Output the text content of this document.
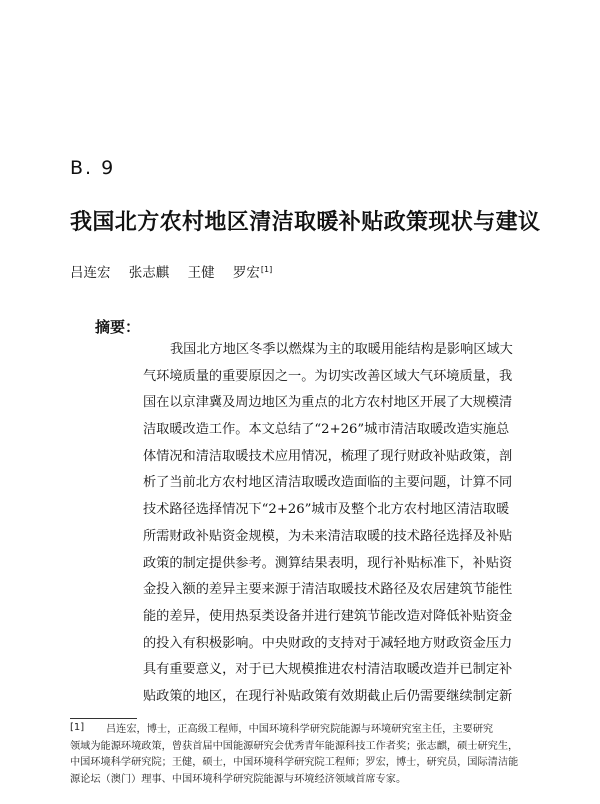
B. 9
我国北方农村地区清洁取暖补贴政策现状与建议
吕连宏 张志麒 王健 罗宏[1]
摘要：
我国北方地区冬季以燃煤为主的取暖用能结构是影响区域大
气环境质量的重要原因之一。为切实改善区域大气环境质量，我
国在以京津冀及周边地区为重点的北方农村地区开展了大规模清
洁取暖改造工作。本文总结了“2+26”城市清洁取暖改造实施总
体情况和清洁取暖技术应用情况，梳理了现行财政补贴政策，剖
析了当前北方农村地区清洁取暖改造面临的主要问题，计算不同
技术路径选择情况下“2+26”城市及整个北方农村地区清洁取暖
所需财政补贴资金规模，为未来清洁取暖的技术路径选择及补贴
政策的制定提供参考。测算结果表明，现行补贴标准下，补贴资
金投入额的差异主要来源于清洁取暖技术路径及农居建筑节能性
能的差异，使用热泵类设备并进行建筑节能改造对降低补贴资金
的投入有积极影响。中央财政的支持对于减轻地方财政资金压力
具有重要意义，对于已大规模推进农村清洁取暖改造并已制定补
贴政策的地区，在现行补贴政策有效期截止后仍需要继续制定新
[1]	吕连宏，博士，正高级工程师，中国环境科学研究院能源与环境研究室主任，主要研究
领域为能源环境政策，曾获首届中国能源研究会优秀青年能源科技工作者奖；张志麒，硕士研究生，
中国环境科学研究院；王健，硕士，中国环境科学研究院工程师；罗宏，博士，研究员，国际清洁能
源论坛（澳门）理事、中国环境科学研究院能源与环境经济领域首席专家。
